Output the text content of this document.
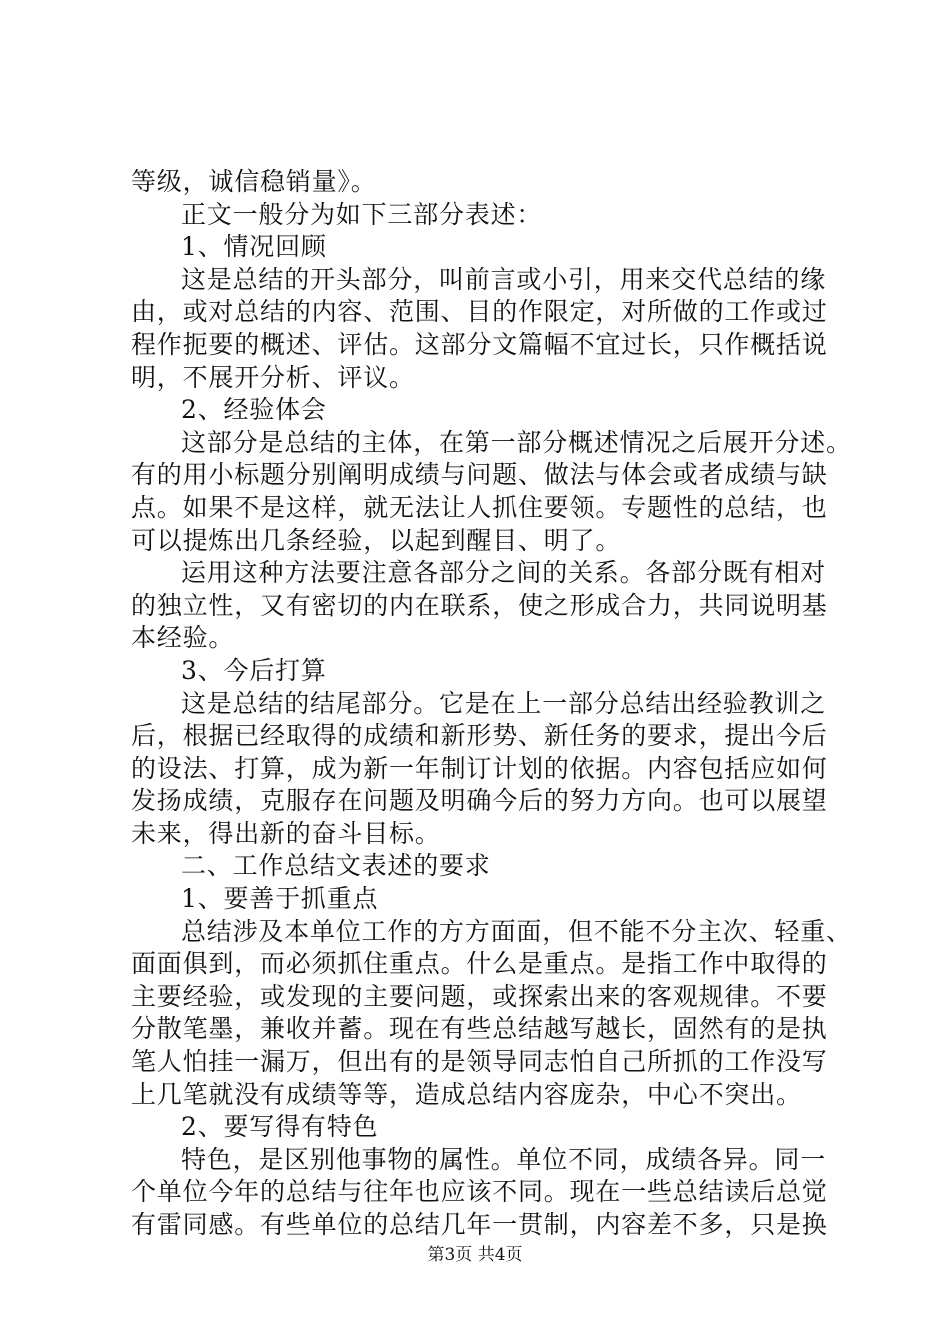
等级，诚信稳销量》。
正文一般分为如下三部分表述：
1、情况回顾
这是总结的开头部分，叫前言或小引，用来交代总结的缘
由，或对总结的内容、范围、目的作限定，对所做的工作或过
程作扼要的概述、评估。这部分文篇幅不宜过长，只作概括说
明，不展开分析、评议。
2、经验体会
这部分是总结的主体，在第一部分概述情况之后展开分述。
有的用小标题分别阐明成绩与问题、做法与体会或者成绩与缺
点。如果不是这样，就无法让人抓住要领。专题性的总结，也
可以提炼出几条经验，以起到醒目、明了。
运用这种方法要注意各部分之间的关系。各部分既有相对
的独立性，又有密切的内在联系，使之形成合力，共同说明基
本经验。
3、今后打算
这是总结的结尾部分。它是在上一部分总结出经验教训之
后，根据已经取得的成绩和新形势、新任务的要求，提出今后
的设法、打算，成为新一年制订计划的依据。内容包括应如何
发扬成绩，克服存在问题及明确今后的努力方向。也可以展望
未来，得出新的奋斗目标。
二、工作总结文表述的要求
1、要善于抓重点
总结涉及本单位工作的方方面面，但不能不分主次、轻重、
面面俱到，而必须抓住重点。什么是重点。是指工作中取得的
主要经验，或发现的主要问题，或探索出来的客观规律。不要
分散笔墨，兼收并蓄。现在有些总结越写越长，固然有的是执
笔人怕挂一漏万，但出有的是领导同志怕自己所抓的工作没写
上几笔就没有成绩等等，造成总结内容庞杂，中心不突出。
2、要写得有特色
特色，是区别他事物的属性。单位不同，成绩各异。同一
个单位今年的总结与往年也应该不同。现在一些总结读后总觉
有雷同感。有些单位的总结几年一贯制，内容差不多，只是换
第3页 共4页
